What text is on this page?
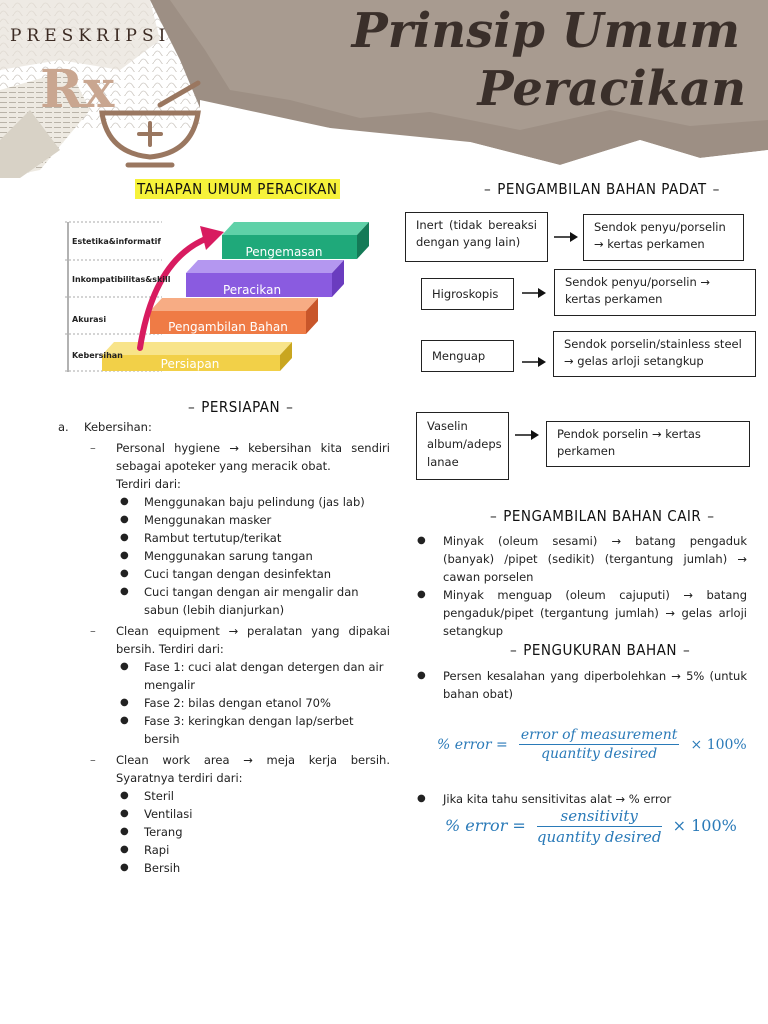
PRESKRIPSI	Prinsip Umum
Peracikan
Rx
TAHAPAN UMUM PERACIKAN
Persiapan
Pengambilan Bahan
Peracikan
Pengemasan
Estetika&informatif
Inkompatibilitas&skill
Akurasi
Kebersihan
– PERSIAPAN –
a. Kebersihan:
– Personal hygiene → kebersihan kita sendiri sebagai apoteker yang meracik obat.
Terdiri dari:
● Menggunakan baju pelindung (jas lab)
● Menggunakan masker
● Rambut tertutup/terikat
● Menggunakan sarung tangan
● Cuci tangan dengan desinfektan
● Cuci tangan dengan air mengalir dan sabun (lebih dianjurkan)
– Clean equipment → peralatan yang dipakai bersih. Terdiri dari:
● Fase 1: cuci alat dengan detergen dan air mengalir
● Fase 2: bilas dengan etanol 70%
● Fase 3: keringkan dengan lap/serbet bersih
– Clean work area → meja kerja bersih. Syaratnya terdiri dari:
● Steril
● Ventilasi
● Terang
● Rapi
● Bersih
– PENGAMBILAN BAHAN PADAT –
Inert (tidak bereaksi dengan yang lain)
Sendok penyu/porselin → kertas perkamen
Higroskopis
Sendok penyu/porselin → kertas perkamen
Menguap
Sendok porselin/stainless steel → gelas arloji setangkup
Vaselin album/adeps lanae
Pendok porselin → kertas perkamen
– PENGAMBILAN BAHAN CAIR –
● Minyak (oleum sesami) → batang pengaduk (banyak) /pipet (sedikit) (tergantung jumlah) → cawan porselen
● Minyak menguap (oleum cajuputi) → batang pengaduk/pipet (tergantung jumlah) → gelas arloji setangkup
– PENGUKURAN BAHAN –
● Persen kesalahan yang diperbolehkan → 5% (untuk bahan obat)
% error = $\frac{\text{error of measurement}}{\text{quantity desired}} \times 100\%$
● Jika kita tahu sensitivitas alat → % error
% error = $\frac{\text{sensitivity}}{\text{quantity desired}} \times 100\%$
